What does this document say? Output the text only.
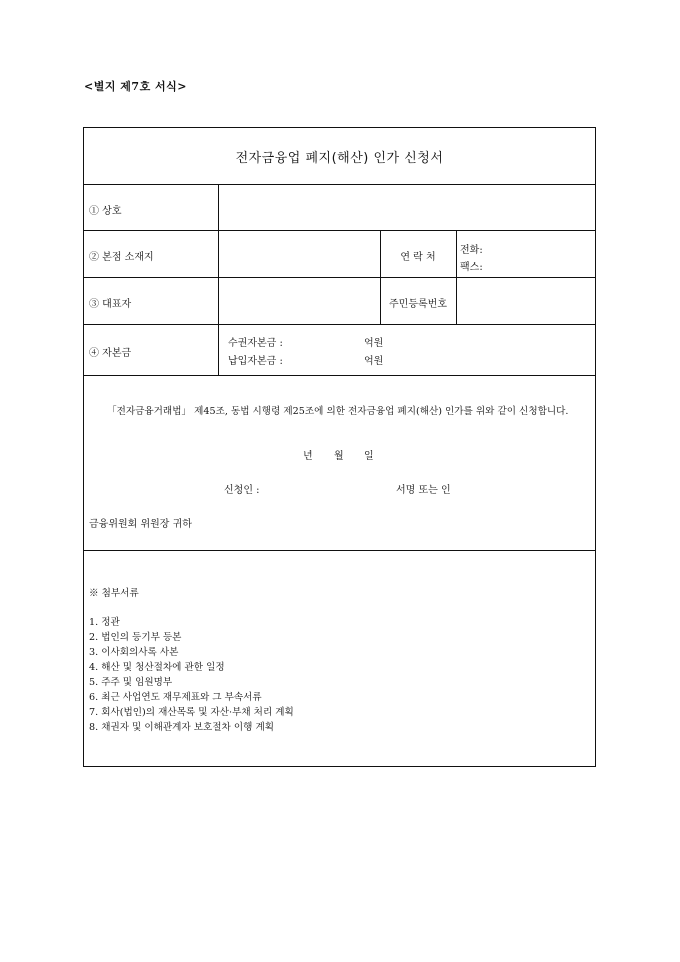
<별지 제7호 서식>
전자금융업 폐지(해산) 인가 신청서
① 상호
② 본점 소재지	연 락 처
전화:
팩스:
③ 대표자	주민등록번호
④ 자본금
수권자본금 :	억원
납입자본금 :	억원
「전자금융거래법」 제45조, 동법 시행령 제25조에 의한 전자금융업 폐지(해산) 인가를 위와 같이 신청합니다.
년 월 일
신청인 :	서명 또는 인
금융위원회 위원장 귀하
※ 첨부서류
1. 정관
2. 법인의 등기부 등본
3. 이사회의사록 사본
4. 해산 및 청산절차에 관한 일정
5. 주주 및 임원명부
6. 최근 사업연도 재무제표와 그 부속서류
7. 회사(법인)의 재산목록 및 자산·부채 처리 계획
8. 채권자 및 이해관계자 보호절차 이행 계획
